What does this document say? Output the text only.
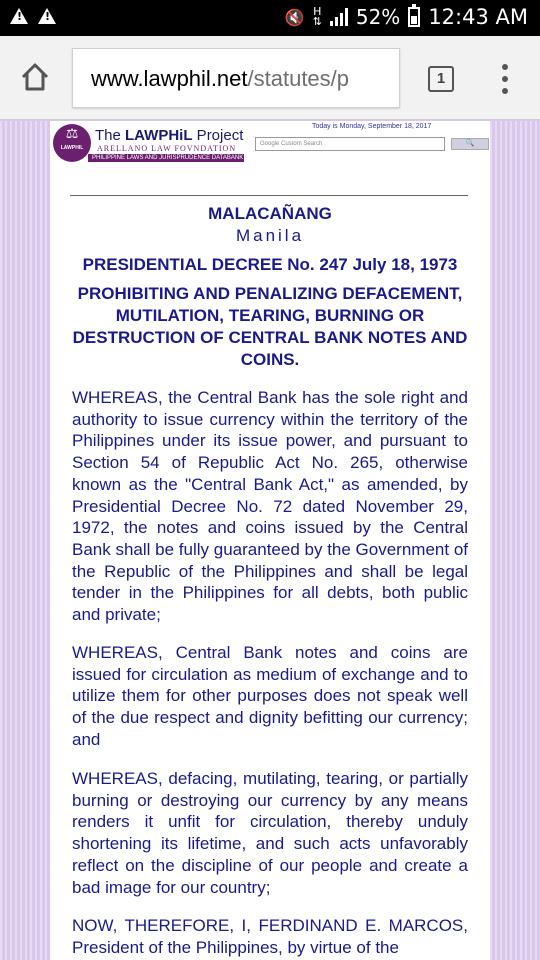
!
!
🔇 H
⇅ 52% 12:43 AM
www.lawphil.net/statutes/p	1
⚖
LAWPHIL
The LAWPHiL Project
ARELLANO LAW FOVNDATION
PHILIPPINE LAWS AND JURISPRUDENCE DATABANK
Today is Monday, September 18, 2017
Google Custom Search	🔍
MALACAÑANG
Manila
PRESIDENTIAL DECREE No. 247 July 18, 1973
PROHIBITING AND PENALIZING DEFACEMENT, MUTILATION, TEARING, BURNING OR DESTRUCTION OF CENTRAL BANK NOTES AND COINS.

WHEREAS, the Central Bank has the sole right and authority to issue currency within the territory of the Philippines under its issue power, and pursuant to Section 54 of Republic Act No. 265, otherwise known as the "Central Bank Act," as amended, by Presidential Decree No. 72 dated November 29, 1972, the notes and coins issued by the Central Bank shall be fully guaranteed by the Government of the Republic of the Philippines and shall be legal tender in the Philippines for all debts, both public and private;

WHEREAS, Central Bank notes and coins are issued for circulation as medium of exchange and to utilize them for other purposes does not speak well of the due respect and dignity befitting our currency; and

WHEREAS, defacing, mutilating, tearing, or partially burning or destroying our currency by any means renders it unfit for circulation, thereby unduly shortening its lifetime, and such acts unfavorably reflect on the discipline of our people and create a bad image for our country;

NOW, THEREFORE, I, FERDINAND E. MARCOS, President of the Philippines, by virtue of the
